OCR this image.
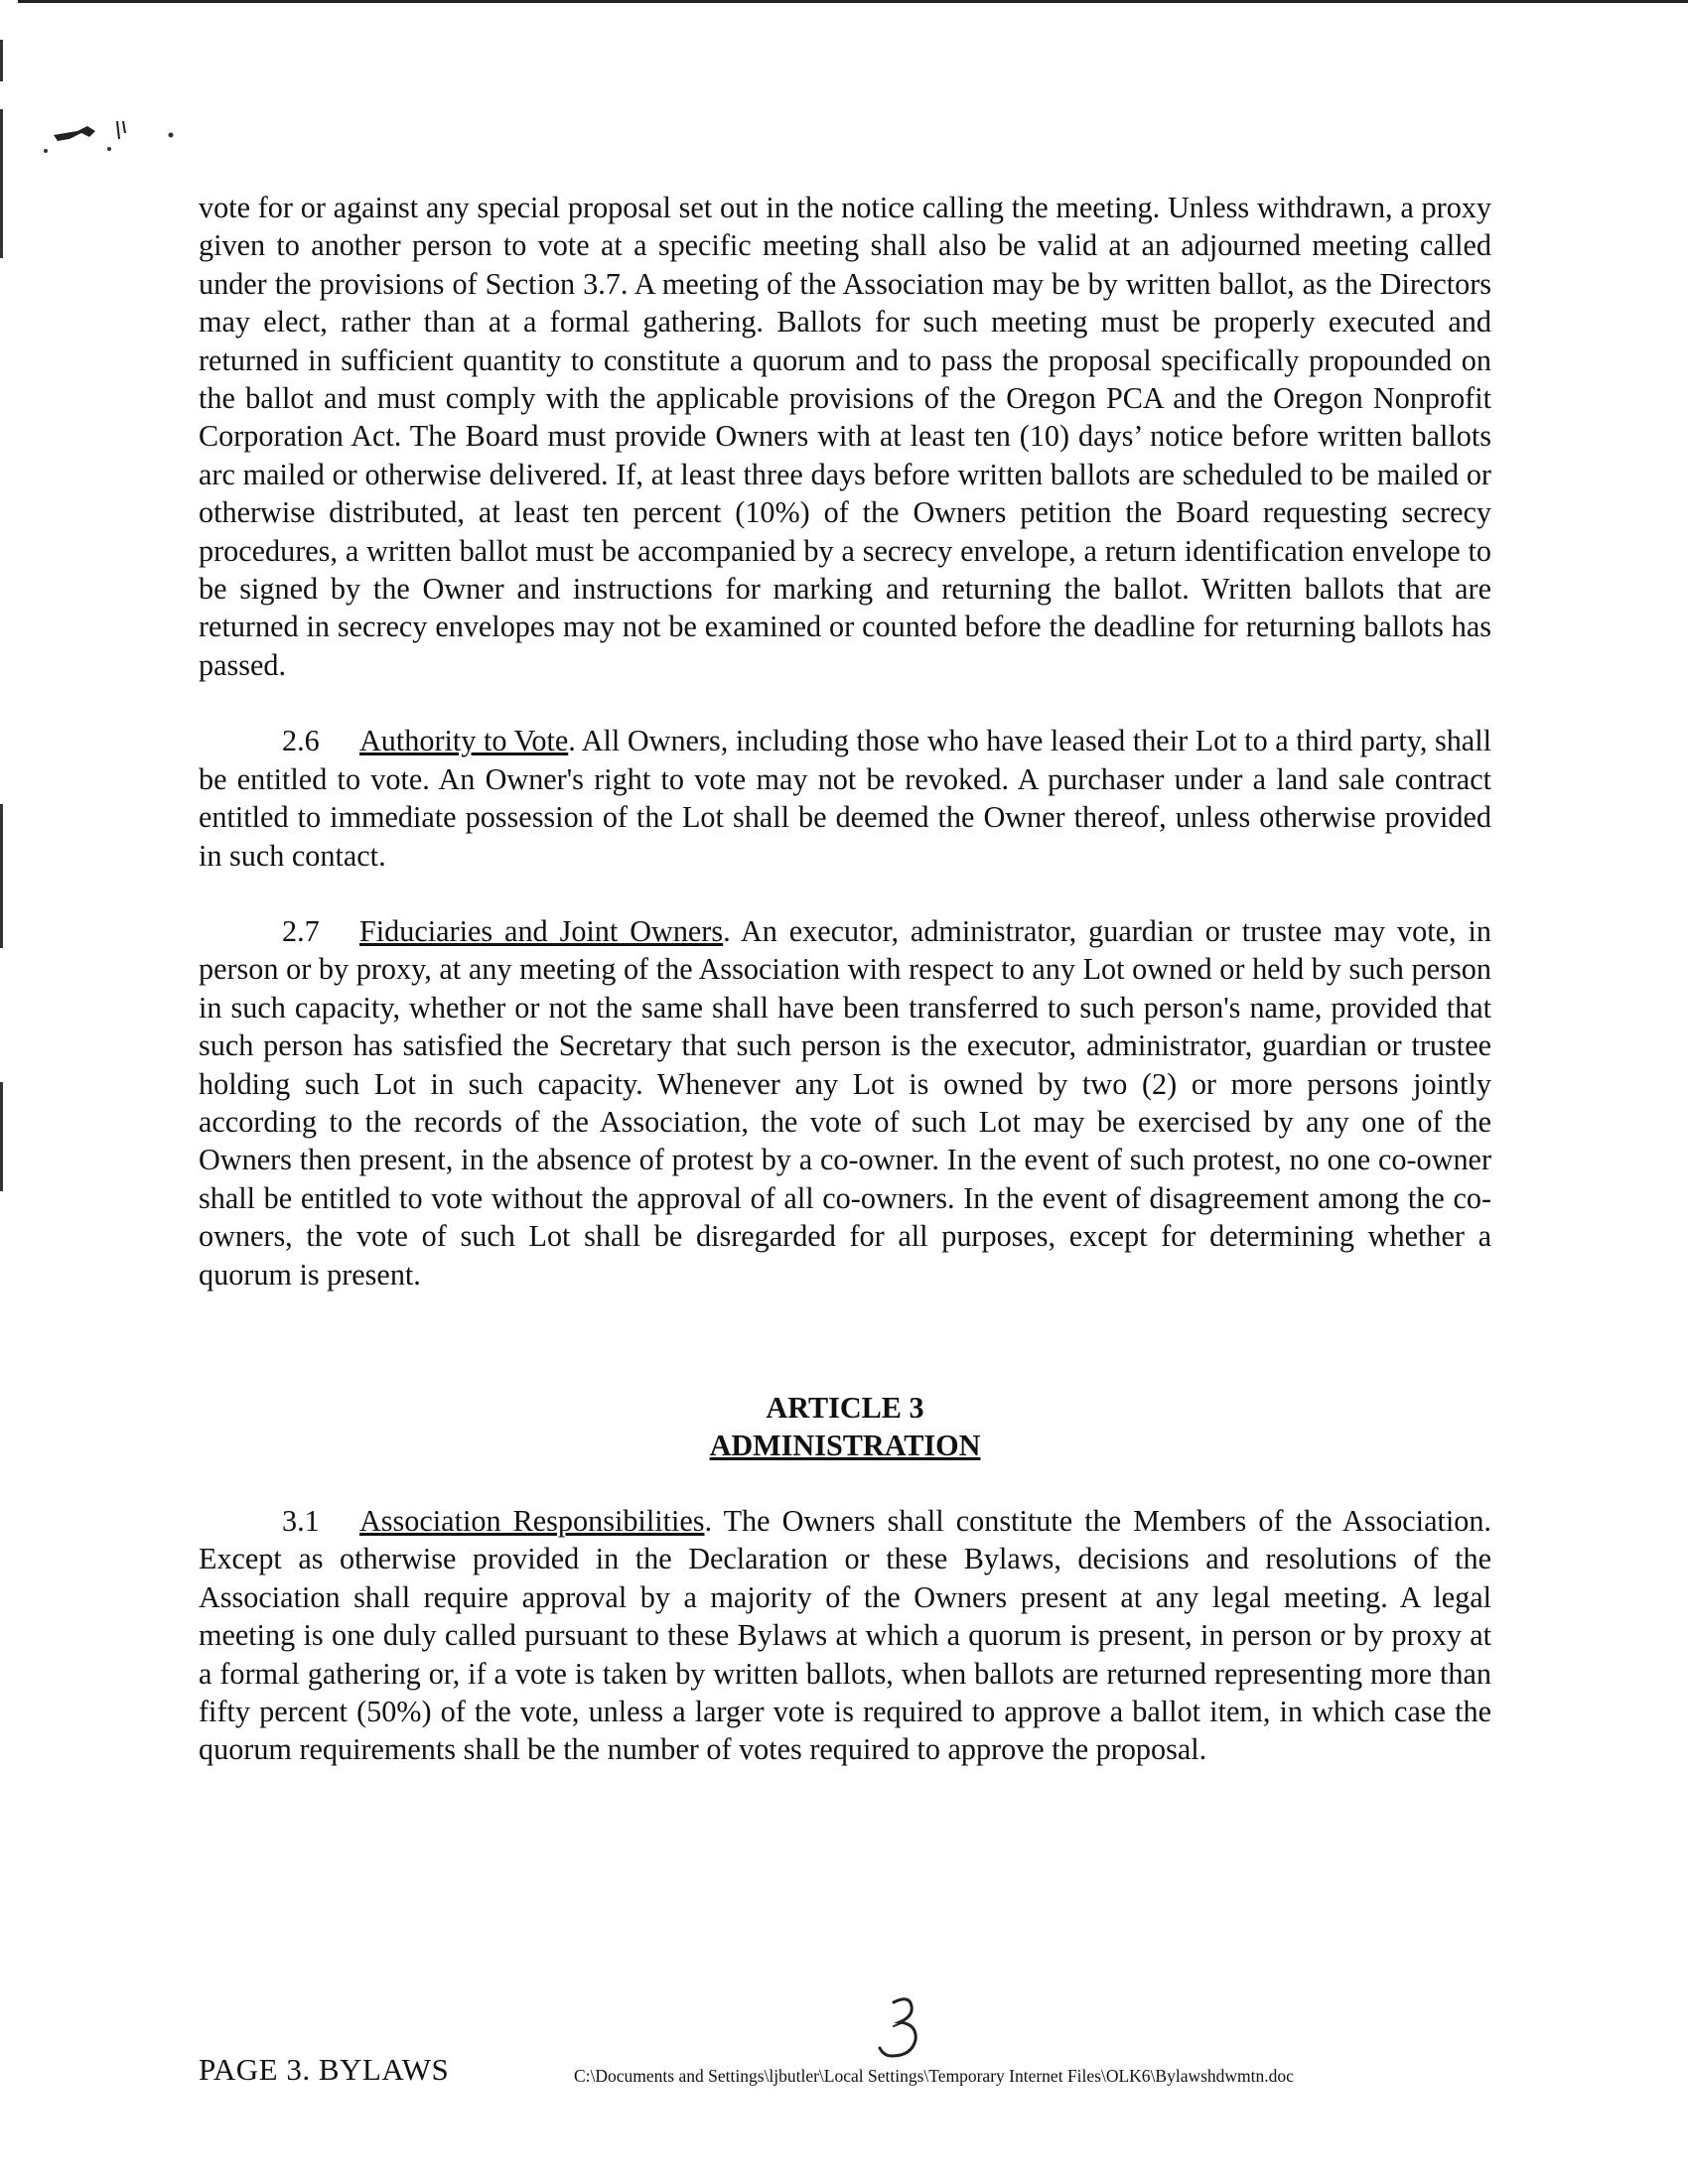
vote for or against any special proposal set out in the notice calling the meeting. Unless withdrawn, a proxy given to another person to vote at a specific meeting shall also be valid at an adjourned meeting called under the provisions of Section 3.7. A meeting of the Association may be by written ballot, as the Directors may elect, rather than at a formal gathering. Ballots for such meeting must be properly executed and returned in sufficient quantity to constitute a quorum and to pass the proposal specifically propounded on the ballot and must comply with the applicable provisions of the Oregon PCA and the Oregon Nonprofit Corporation Act. The Board must provide Owners with at least ten (10) days’ notice before written ballots arc mailed or otherwise delivered. If, at least three days before written ballots are scheduled to be mailed or otherwise distributed, at least ten percent (10%) of the Owners petition the Board requesting secrecy procedures, a written ballot must be accompanied by a secrecy envelope, a return identification envelope to be signed by the Owner and instructions for marking and returning the ballot. Written ballots that are returned in secrecy envelopes may not be examined or counted before the deadline for returning ballots has passed.

2.6 Authority to Vote. All Owners, including those who have leased their Lot to a third party, shall be entitled to vote. An Owner's right to vote may not be revoked. A purchaser under a land sale contract entitled to immediate possession of the Lot shall be deemed the Owner thereof, unless otherwise provided in such contact.

2.7 Fiduciaries and Joint Owners. An executor, administrator, guardian or trustee may vote, in person or by proxy, at any meeting of the Association with respect to any Lot owned or held by such person in such capacity, whether or not the same shall have been transferred to such person's name, provided that such person has satisfied the Secretary that such person is the executor, administrator, guardian or trustee holding such Lot in such capacity. Whenever any Lot is owned by two (2) or more persons jointly according to the records of the Association, the vote of such Lot may be exercised by any one of the Owners then present, in the absence of protest by a co-owner. In the event of such protest, no one co-owner shall be entitled to vote without the approval of all co-owners. In the event of disagreement among the co-owners, the vote of such Lot shall be disregarded for all purposes, except for determining whether a quorum is present.

ARTICLE 3
ADMINISTRATION

3.1 Association Responsibilities. The Owners shall constitute the Members of the Association. Except as otherwise provided in the Declaration or these Bylaws, decisions and resolutions of the Association shall require approval by a majority of the Owners present at any legal meeting. A legal meeting is one duly called pursuant to these Bylaws at which a quorum is present, in person or by proxy at a formal gathering or, if a vote is taken by written ballots, when ballots are returned representing more than fifty percent (50%) of the vote, unless a larger vote is required to approve a ballot item, in which case the quorum requirements shall be the number of votes required to approve the proposal.

3
PAGE 3. BYLAWS	C:\Documents and Settings\ljbutler\Local Settings\Temporary Internet Files\OLK6\Bylawshdwmtn.doc
